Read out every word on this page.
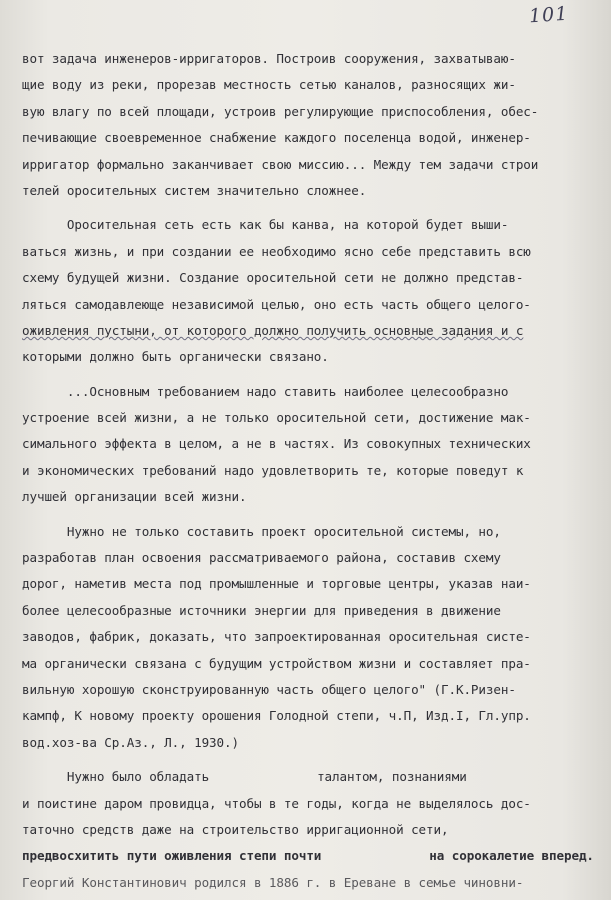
101
вот задача инженеров-ирригаторов. Построив сооружения, захватываю-
щие воду из реки, прорезав местность сетью каналов, разносящих жи-
вую влагу по всей площади, устроив регулирующие приспособления, обес-
печивающие своевременное снабжение каждого поселенца водой, инженер-
ирригатор формально заканчивает свою миссию... Между тем задачи строи
телей оросительных систем значительно сложнее.
Оросительная сеть есть как бы канва, на которой будет выши-
ваться жизнь, и при создании ее необходимо ясно себе представить всю
схему будущей жизни. Создание оросительной сети не должно представ-
ляться самодавлеюще независимой целью, оно есть часть общего целого-
оживления пустыни, от которого должно получить основные задания и с
которыми должно быть органически связано.
...Основным требованием надо ставить наиболее целесообразно
устроение всей жизни, а не только оросительной сети, достижение мак-
симального эффекта в целом, а не в частях. Из совокупных технических
и экономических требований надо удовлетворить те, которые поведут к
лучшей организации всей жизни.
Нужно не только составить проект оросительной системы, но,
разработав план освоения рассматриваемого района, составив схему
дорог, наметив места под промышленные и торговые центры, указав наи-
более целесообразные источники энергии для приведения в движение
заводов, фабрик, доказать, что запроектированная оросительная систе-
ма органически связана с будущим устройством жизни и составляет пра-
вильную хорошую сконструированную часть общего целого" (Г.К.Ризен-
кампф, К новому проекту орошения Голодной степи, ч.П, Изд.I, Гл.упр.
вод.хоз-ва Ср.Аз., Л., 1930.)
Нужно было обладать	талантом, познаниями
и поистине даром провидца, чтобы в те годы, когда не выделялось дос-
таточно средств даже на строительство ирригационной сети,
предвосхитить пути оживления степи почти	на сорокалетие вперед.
Георгий Константинович родился в 1886 г. в Ереване в семье чиновни-
